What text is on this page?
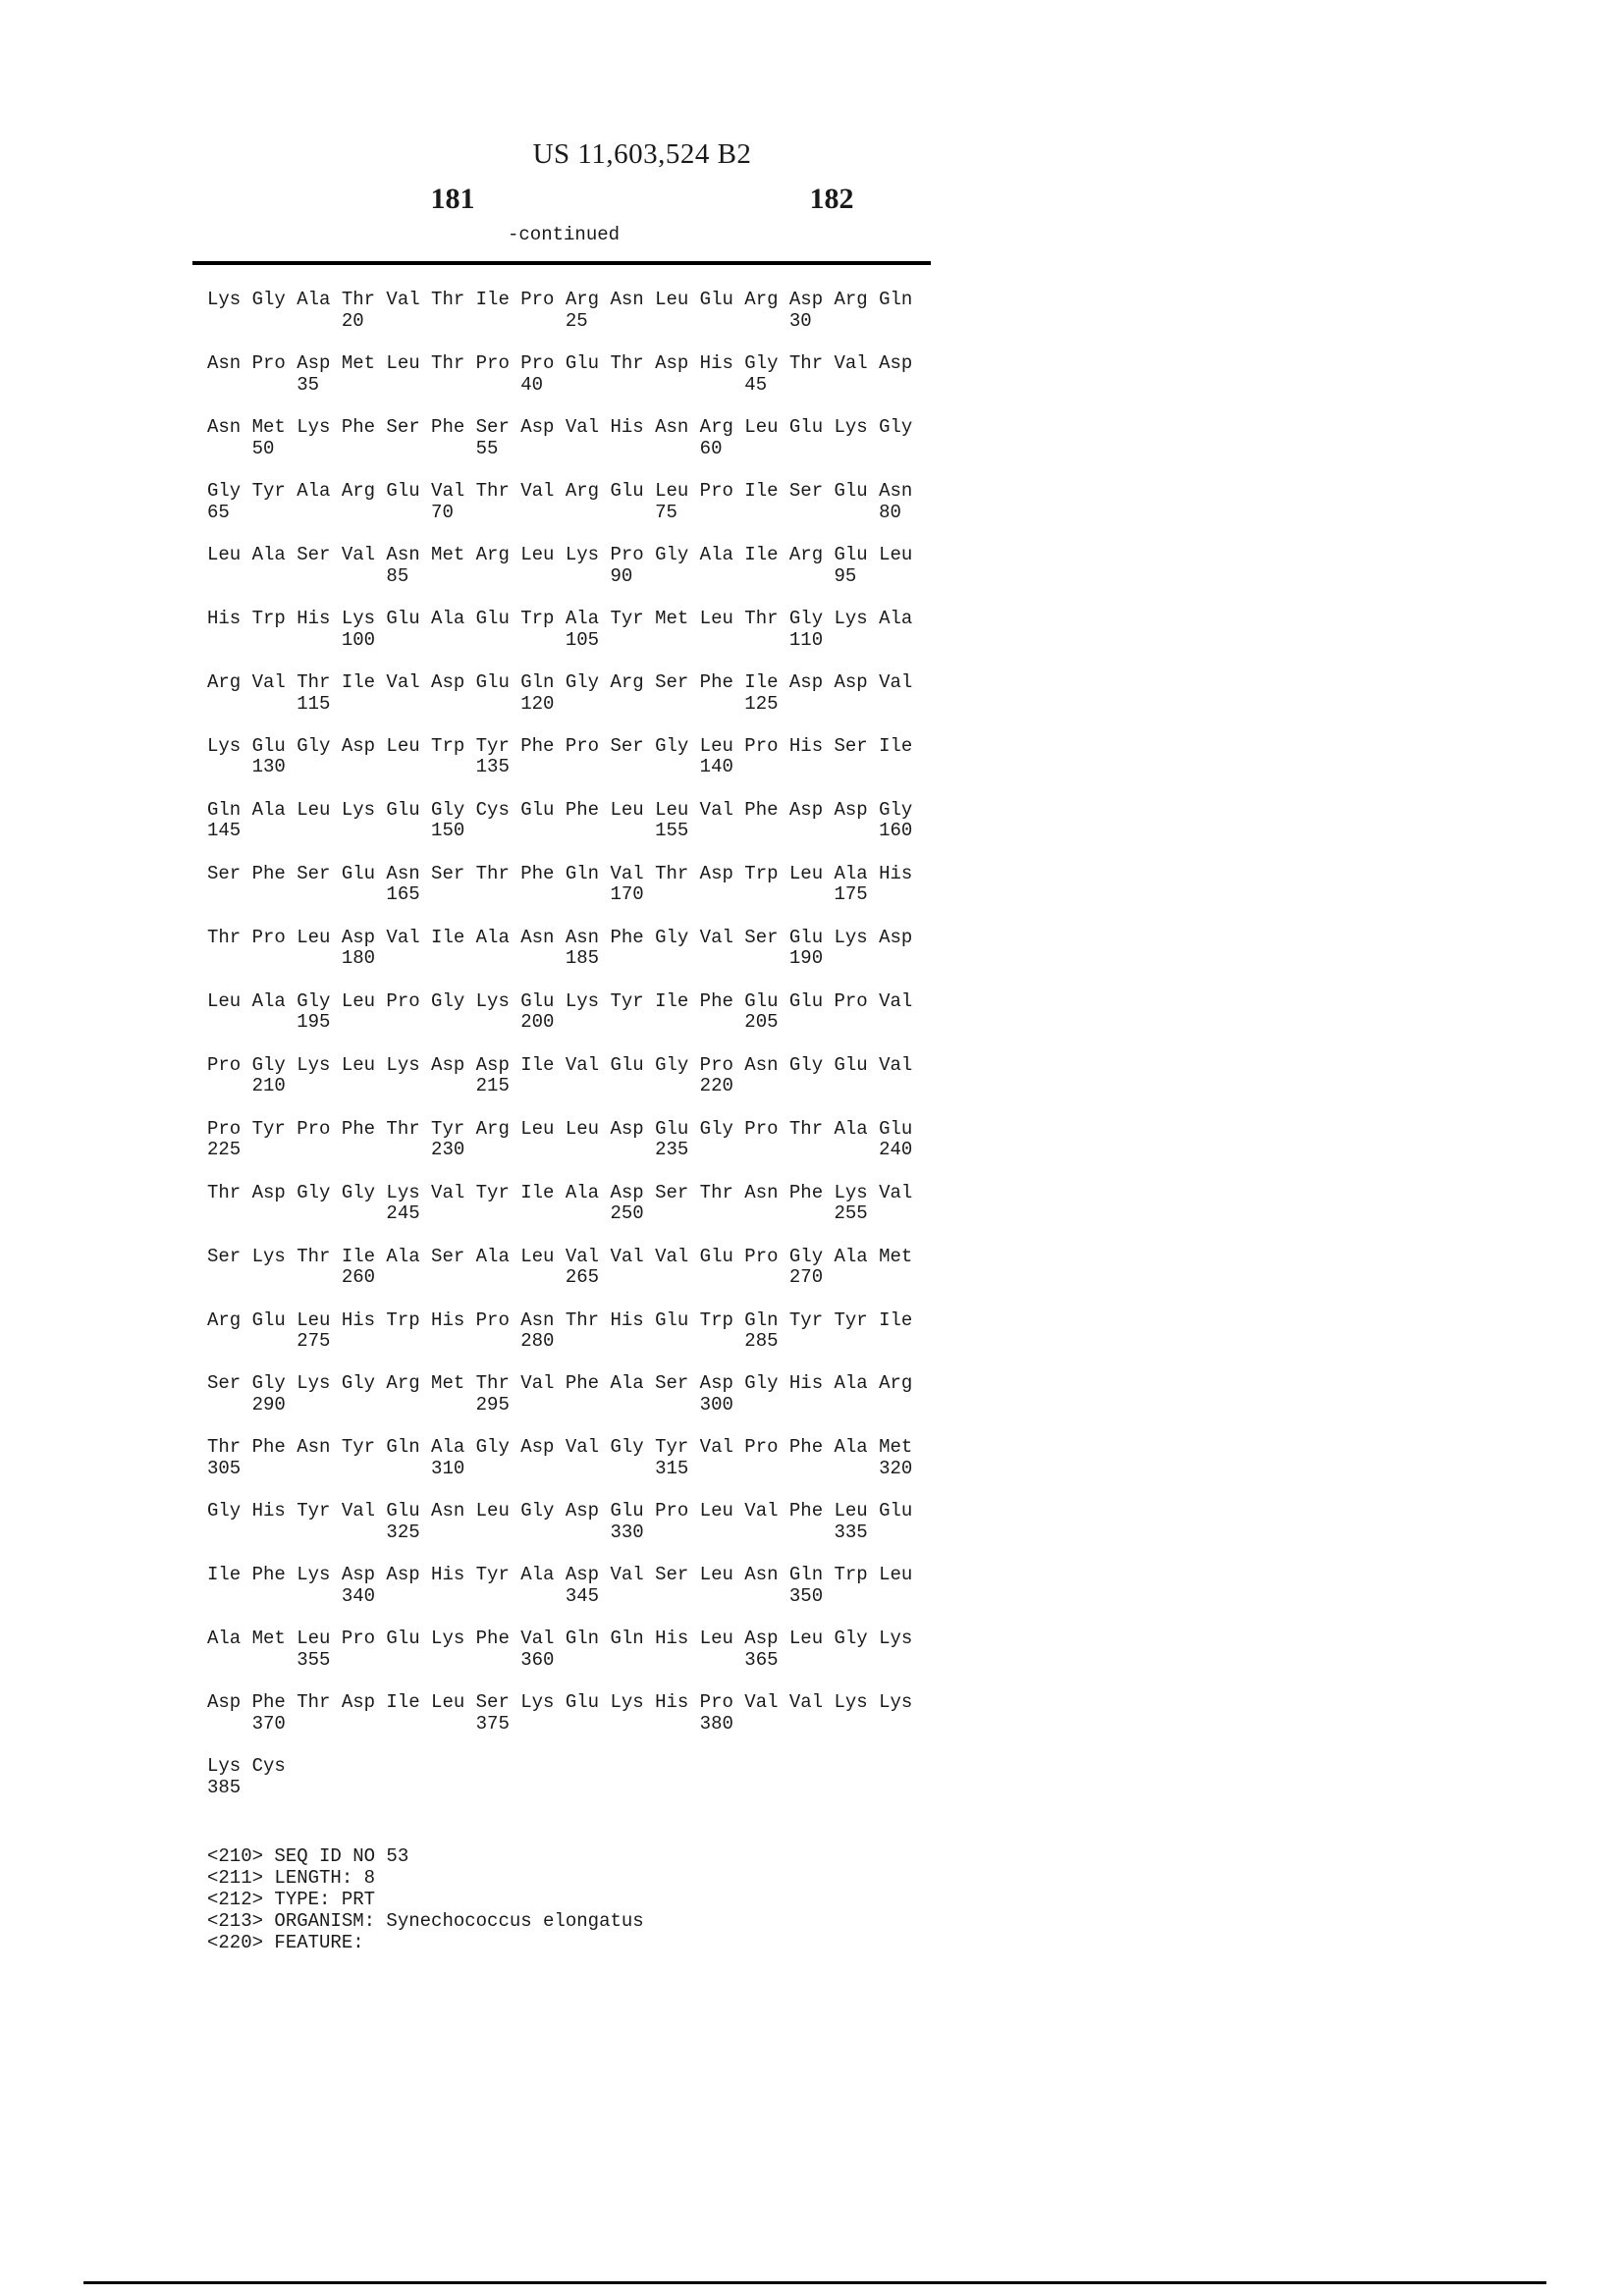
US 11,603,524 B2
181	182
-continued
Lys Gly Ala Thr Val Thr Ile Pro Arg Asn Leu Glu Arg Asp Arg Gln
20                  25                  30
Asn Pro Asp Met Leu Thr Pro Pro Glu Thr Asp His Gly Thr Val Asp
35                  40                  45
Asn Met Lys Phe Ser Phe Ser Asp Val His Asn Arg Leu Glu Lys Gly
50                  55                  60
Gly Tyr Ala Arg Glu Val Thr Val Arg Glu Leu Pro Ile Ser Glu Asn
65                  70                  75                  80
Leu Ala Ser Val Asn Met Arg Leu Lys Pro Gly Ala Ile Arg Glu Leu
85                  90                  95
His Trp His Lys Glu Ala Glu Trp Ala Tyr Met Leu Thr Gly Lys Ala
100                 105                 110
Arg Val Thr Ile Val Asp Glu Gln Gly Arg Ser Phe Ile Asp Asp Val
115                 120                 125
Lys Glu Gly Asp Leu Trp Tyr Phe Pro Ser Gly Leu Pro His Ser Ile
130                 135                 140
Gln Ala Leu Lys Glu Gly Cys Glu Phe Leu Leu Val Phe Asp Asp Gly
145                 150                 155                 160
Ser Phe Ser Glu Asn Ser Thr Phe Gln Val Thr Asp Trp Leu Ala His
165                 170                 175
Thr Pro Leu Asp Val Ile Ala Asn Asn Phe Gly Val Ser Glu Lys Asp
180                 185                 190
Leu Ala Gly Leu Pro Gly Lys Glu Lys Tyr Ile Phe Glu Glu Pro Val
195                 200                 205
Pro Gly Lys Leu Lys Asp Asp Ile Val Glu Gly Pro Asn Gly Glu Val
210                 215                 220
Pro Tyr Pro Phe Thr Tyr Arg Leu Leu Asp Glu Gly Pro Thr Ala Glu
225                 230                 235                 240
Thr Asp Gly Gly Lys Val Tyr Ile Ala Asp Ser Thr Asn Phe Lys Val
245                 250                 255
Ser Lys Thr Ile Ala Ser Ala Leu Val Val Val Glu Pro Gly Ala Met
260                 265                 270
Arg Glu Leu His Trp His Pro Asn Thr His Glu Trp Gln Tyr Tyr Ile
275                 280                 285
Ser Gly Lys Gly Arg Met Thr Val Phe Ala Ser Asp Gly His Ala Arg
290                 295                 300
Thr Phe Asn Tyr Gln Ala Gly Asp Val Gly Tyr Val Pro Phe Ala Met
305                 310                 315                 320
Gly His Tyr Val Glu Asn Leu Gly Asp Glu Pro Leu Val Phe Leu Glu
325                 330                 335
Ile Phe Lys Asp Asp His Tyr Ala Asp Val Ser Leu Asn Gln Trp Leu
340                 345                 350
Ala Met Leu Pro Glu Lys Phe Val Gln Gln His Leu Asp Leu Gly Lys
355                 360                 365
Asp Phe Thr Asp Ile Leu Ser Lys Glu Lys His Pro Val Val Lys Lys
370                 375                 380
Lys Cys
385
<210> SEQ ID NO 53
<211> LENGTH: 8
<212> TYPE: PRT
<213> ORGANISM: Synechococcus elongatus
<220> FEATURE:
